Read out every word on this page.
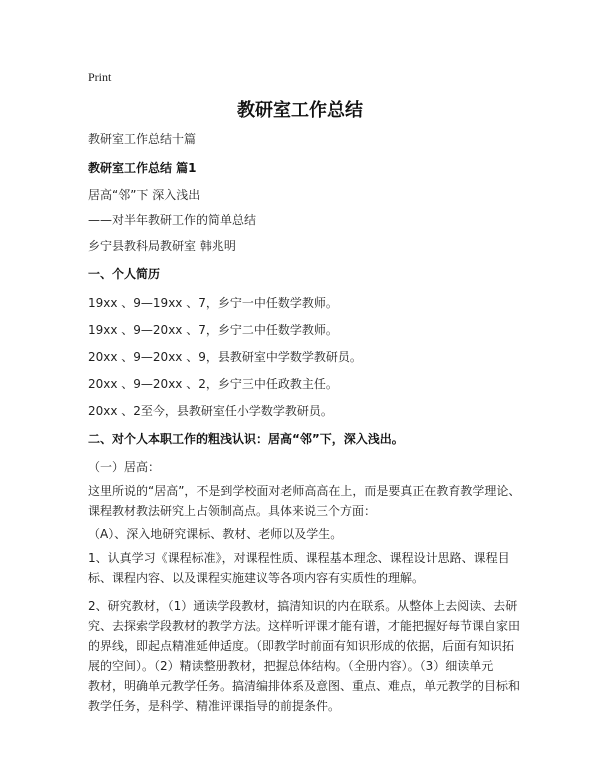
Print
教研室工作总结
教研室工作总结十篇
教研室工作总结 篇1
居高“邻”下 深入浅出
——对半年教研工作的简单总结
乡宁县教科局教研室 韩兆明
一、个人简历
19xx 、9—19xx 、7，乡宁一中任数学教师。
19xx 、9—20xx 、7，乡宁二中任数学教师。
20xx 、9—20xx 、9，县教研室中学数学教研员。
20xx 、9—20xx 、2，乡宁三中任政教主任。
20xx 、2至今，县教研室任小学数学教研员。
二、对个人本职工作的粗浅认识：居高“邻”下，深入浅出。
（一）居高：
这里所说的“居高”，不是到学校面对老师高高在上，而是要真正在教育教学理论、
课程教材教法研究上占领制高点。具体来说三个方面：
（A）、深入地研究课标、教材、老师以及学生。
1、认真学习《课程标准》，对课程性质、课程基本理念、课程设计思路、课程目
标、课程内容、以及课程实施建议等各项内容有实质性的理解。
2、研究教材，（1）通读学段教材，搞清知识的内在联系。从整体上去阅读、去研
究、去探索学段教材的教学方法。这样听评课才能有谱，才能把握好每节课自家田
的界线，即起点精准延伸适度。（即教学时前面有知识形成的依据，后面有知识拓
展的空间）。（2）精读整册教材，把握总体结构。（全册内容）。（3）细读单元
教材，明确单元教学任务。搞清编排体系及意图、重点、难点，单元教学的目标和
教学任务，是科学、精准评课指导的前提条件。
